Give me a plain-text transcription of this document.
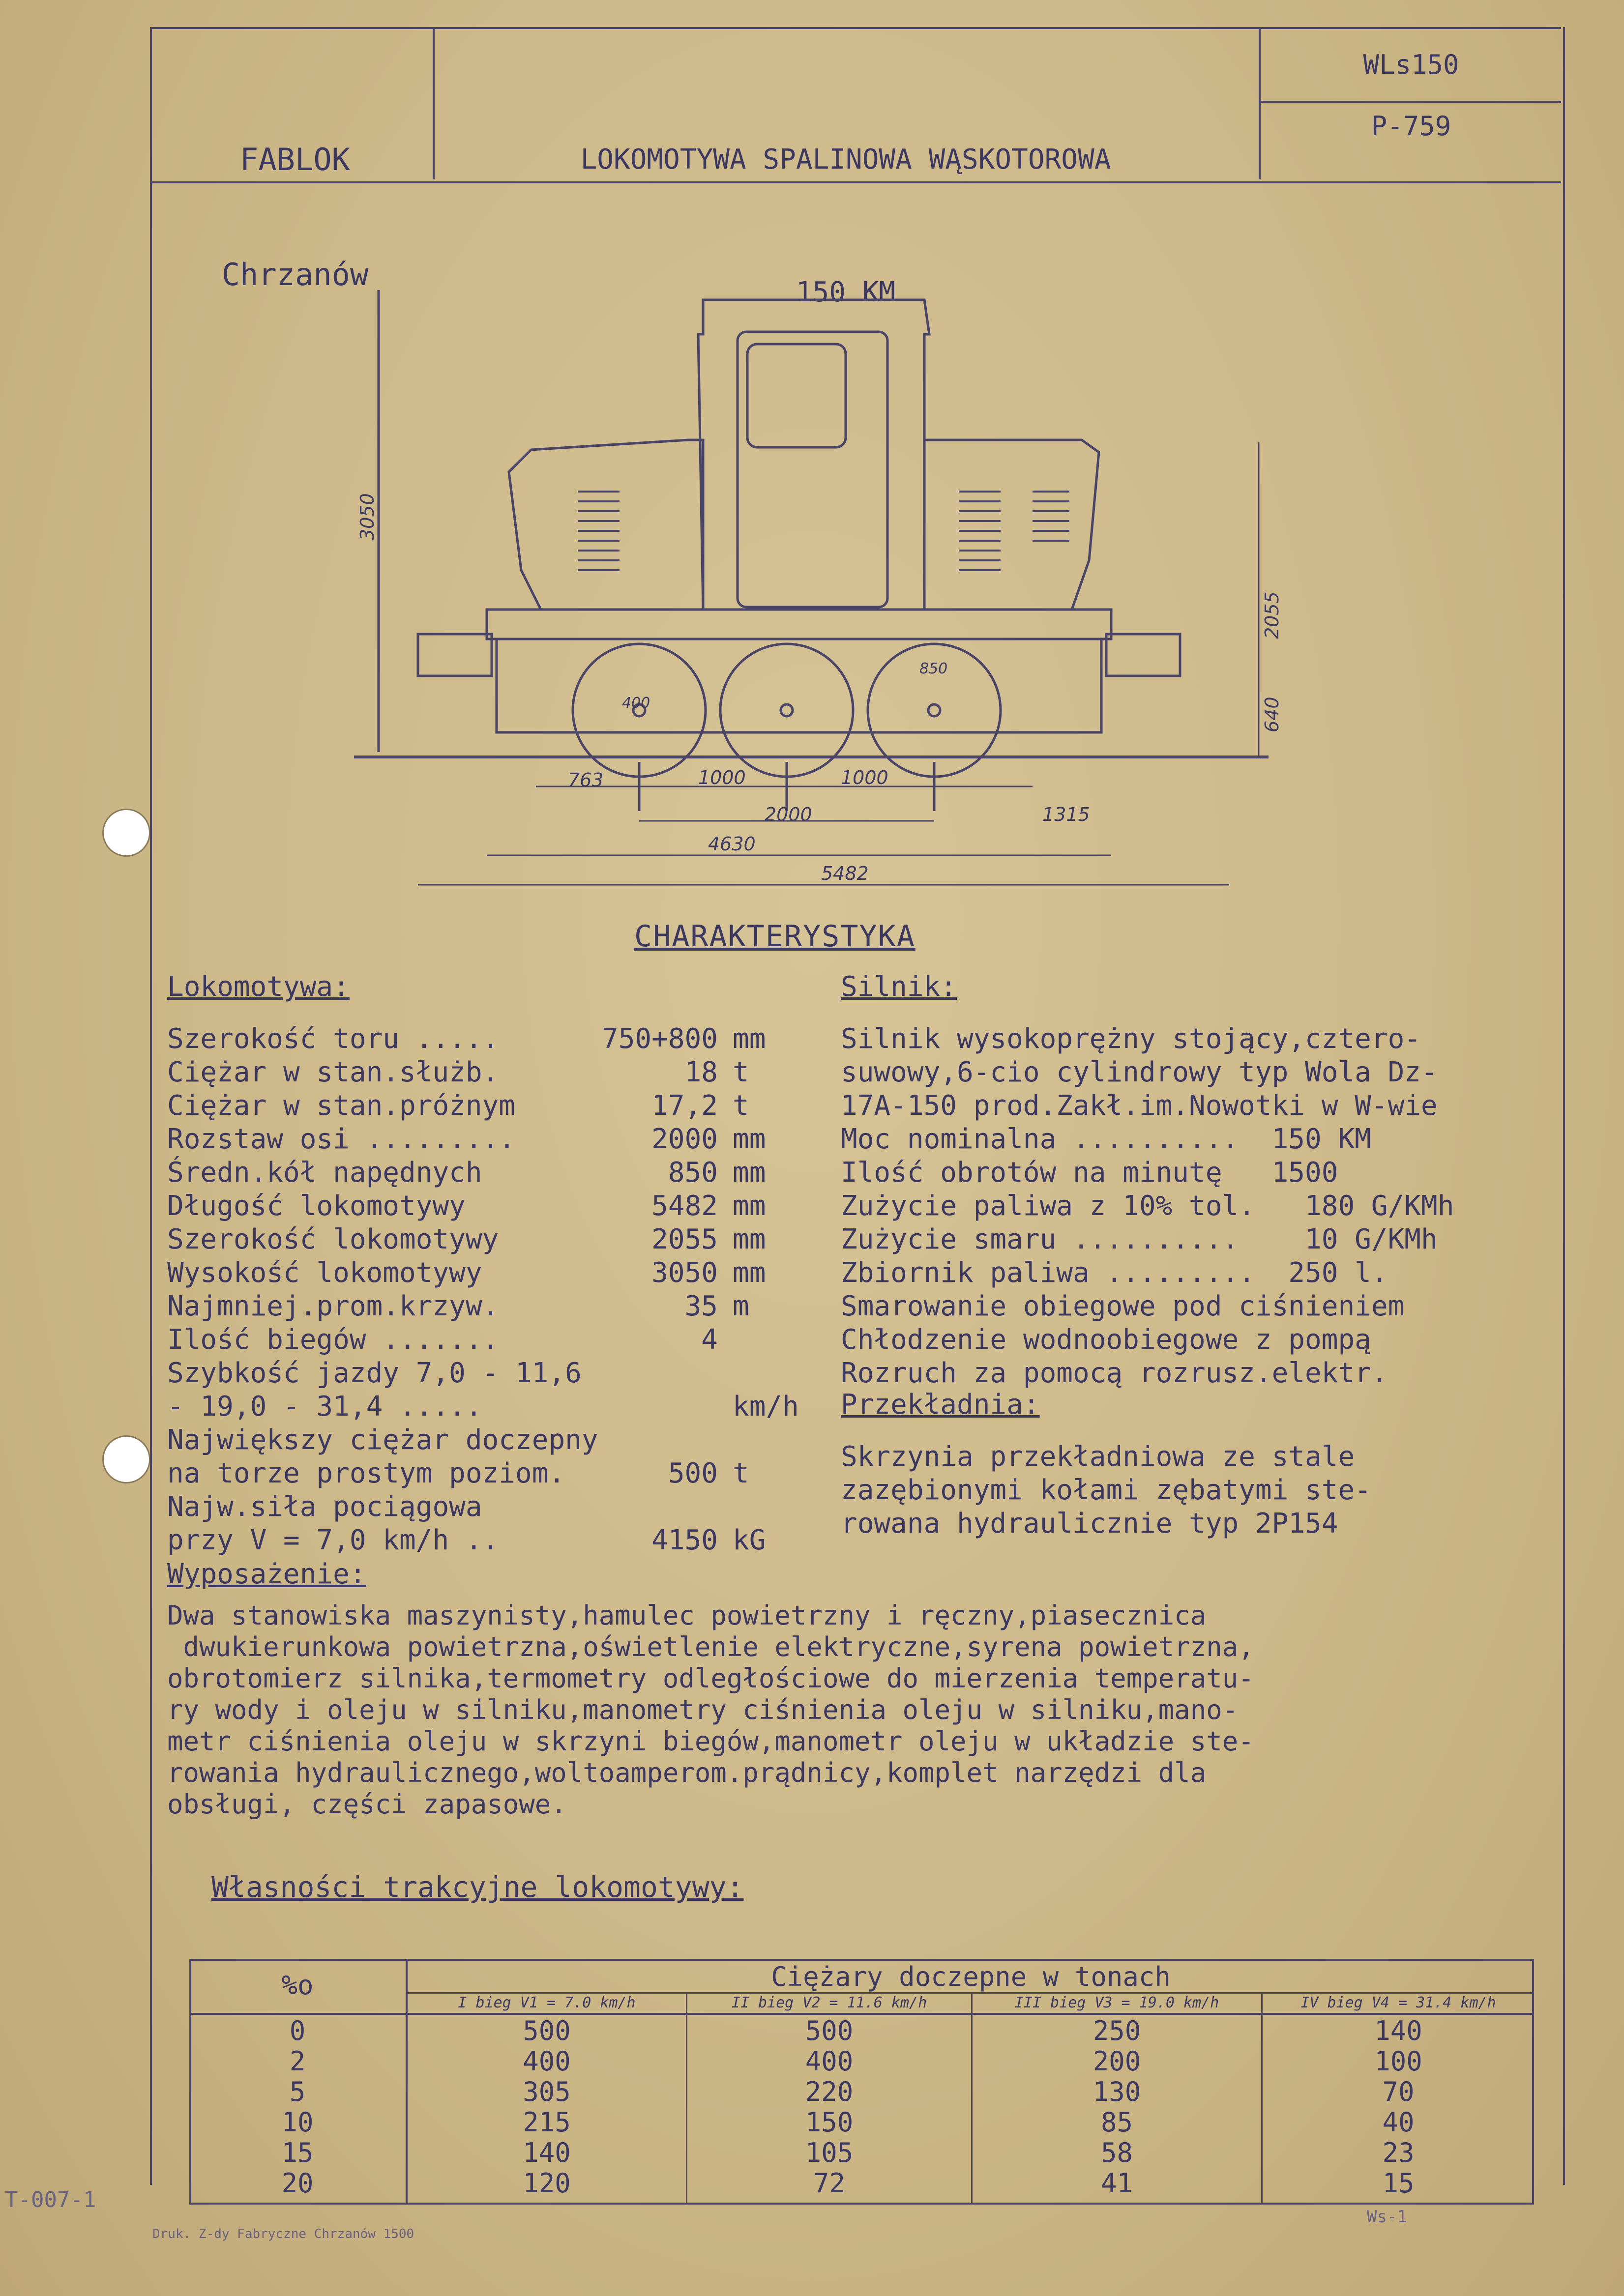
FABLOK

Chrzanów

LOKOMOTYWA SPALINOWA WĄSKOTOROWA

150 KM

WLs150
P-759
3050
2055
640
400
850
763	1000	1000
2000	1315
4630
5482
CHARAKTERYSTYKA
Lokomotywa:
Szerokość toru .....	750+800 mm
Ciężar w stan.służb.	18 t
Ciężar w stan.próżnym	17,2 t
Rozstaw osi .........	2000 mm
Średn.kół napędnych	850 mm
Długość lokomotywy	5482 mm
Szerokość lokomotywy	2055 mm
Wysokość lokomotywy	3050 mm
Najmniej.prom.krzyw.	35 m
Ilość biegów .......	4
Szybkość jazdy 7,0 - 11,6
- 19,0 - 31,4 .....	km/h
Największy ciężar doczepny
na torze prostym poziom.	500 t
Najw.siła pociągowa
przy V = 7,0 km/h ..	4150 kG
Silnik:
Silnik wysokoprężny stojący,cztero-
suwowy,6-cio cylindrowy typ Wola Dz-
17A-150 prod.Zakł.im.Nowotki w W-wie
Moc nominalna ..........  150 KM
Ilość obrotów na minutę   1500
Zużycie paliwa z 10% tol.   180 G/KMh
Zużycie smaru ..........    10 G/KMh
Zbiornik paliwa .........  250 l.
Smarowanie obiegowe pod ciśnieniem
Chłodzenie wodnoobiegowe z pompą
Rozruch za pomocą rozrusz.elektr.
Przekładnia:
Skrzynia przekładniowa ze stale
zazębionymi kołami zębatymi ste-
rowana hydraulicznie typ 2P154
Wyposażenie:
Dwa stanowiska maszynisty,hamulec powietrzny i ręczny,piasecznica
dwukierunkowa powietrzna,oświetlenie elektryczne,syrena powietrzna,
obrotomierz silnika,termometry odległościowe do mierzenia temperatu-
ry wody i oleju w silniku,manometry ciśnienia oleju w silniku,mano-
metr ciśnienia oleju w skrzyni biegów,manometr oleju w układzie ste-
rowania hydraulicznego,woltoamperom.prądnicy,komplet narzędzi dla
obsługi, części zapasowe.
Własności trakcyjne lokomotywy:
%o	Ciężary doczepne w tonach
I bieg V1 = 7.0 km/h	II bieg V2 = 11.6 km/h	III bieg V3 = 19.0 km/h	IV bieg V4 = 31.4 km/h
0	500	500	250	140
2	400	400	200	100
5	305	220	130	70
10	215	150	85	40
15	140	105	58	23
20	120	72	41	15
T-007-1
Druk. Z-dy Fabryczne Chrzanów 1500
Ws-1
